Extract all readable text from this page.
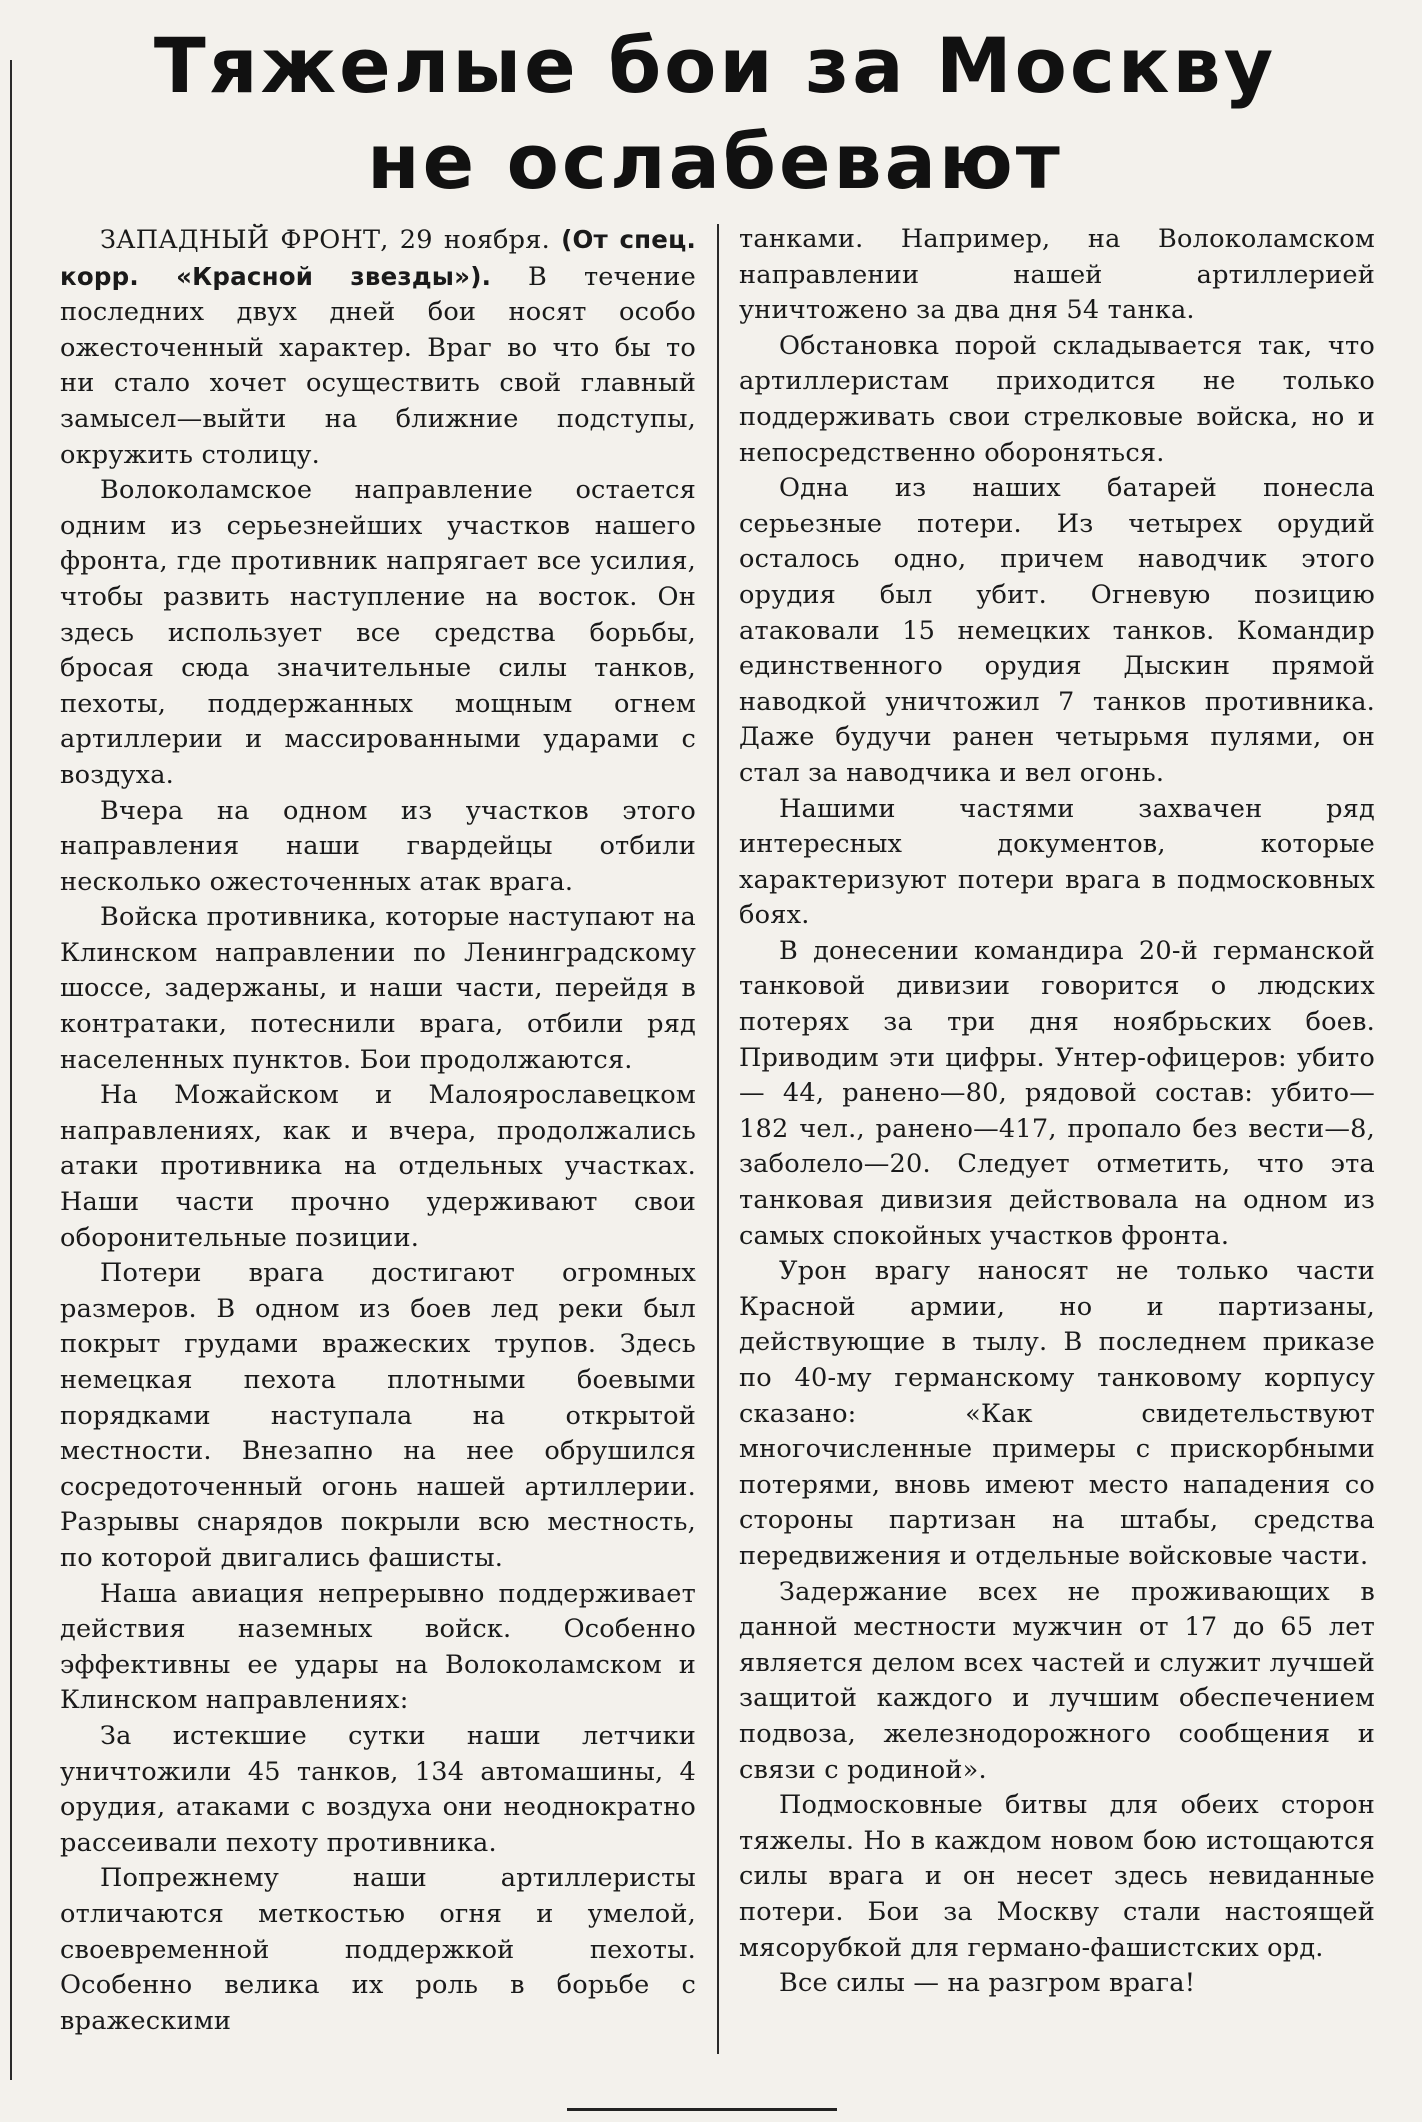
Тяжелые бои за Москву
не ослабевают

ЗАПАДНЫЙ ФРОНТ, 29 ноября. (От спец. корр. «Красной звезды»). В течение последних двух дней бои носят особо ожесточенный характер. Враг во что бы то ни стало хочет осуществить свой главный замысел—выйти на ближние подступы, окружить столицу.

Волоколамское направление остается одним из серьезнейших участков нашего фронта, где противник напрягает все усилия, чтобы развить наступление на восток. Он здесь использует все средства борьбы, бросая сюда значительные силы танков, пехоты, поддержанных мощным огнем артиллерии и массированными ударами с воздуха.

Вчера на одном из участков этого направления наши гвардейцы отбили несколько ожесточенных атак врага.

Войска противника, которые наступают на Клинском направлении по Ленинградскому шоссе, задержаны, и наши части, перейдя в контратаки, потеснили врага, отбили ряд населенных пунктов. Бои продолжаются.

На Можайском и Малоярославецком направлениях, как и вчера, продолжались атаки противника на отдельных участках. Наши части прочно удерживают свои оборонительные позиции.

Потери врага достигают огромных размеров. В одном из боев лед реки был покрыт грудами вражеских трупов. Здесь немецкая пехота плотными боевыми порядками наступала на открытой местности. Внезапно на нее обрушился сосредоточенный огонь нашей артиллерии. Разрывы снарядов покрыли всю местность, по которой двигались фашисты.

Наша авиация непрерывно поддерживает действия наземных войск. Особенно эффективны ее удары на Волоколамском и Клинском направлениях:

За истекшие сутки наши летчики уничтожили 45 танков, 134 автомашины, 4 орудия, атаками с воздуха они неоднократно рассеивали пехоту противника.

Попрежнему наши артиллеристы отличаются меткостью огня и умелой, своевременной поддержкой пехоты. Особенно велика их роль в борьбе с вражескими

танками. Например, на Волоколамском направлении нашей артиллерией уничтожено за два дня 54 танка.

Обстановка порой складывается так, что артиллеристам приходится не только поддерживать свои стрелковые войска, но и непосредственно обороняться.

Одна из наших батарей понесла серьезные потери. Из четырех орудий осталось одно, причем наводчик этого орудия был убит. Огневую позицию атаковали 15 немецких танков. Командир единственного орудия Дыскин прямой наводкой уничтожил 7 танков противника. Даже будучи ранен четырьмя пулями, он стал за наводчика и вел огонь.

Нашими частями захвачен ряд интересных документов, которые характеризуют потери врага в подмосковных боях.

В донесении командира 20-й германской танковой дивизии говорится о людских потерях за три дня ноябрьских боев. Приводим эти цифры. Унтер-офицеров: убито — 44, ранено—80, рядовой состав: убито—182 чел., ранено—417, пропало без вести—8, заболело—20. Следует отметить, что эта танковая дивизия действовала на одном из самых спокойных участков фронта.

Урон врагу наносят не только части Красной армии, но и партизаны, действующие в тылу. В последнем приказе по 40-му германскому танковому корпусу сказано: «Как свидетельствуют многочисленные примеры с прискорбными потерями, вновь имеют место нападения со стороны партизан на штабы, средства передвижения и отдельные войсковые части.

Задержание всех не проживающих в данной местности мужчин от 17 до 65 лет является делом всех частей и служит лучшей защитой каждого и лучшим обеспечением подвоза, железнодорожного сообщения и связи с родиной».

Подмосковные битвы для обеих сторон тяжелы. Но в каждом новом бою истощаются силы врага и он несет здесь невиданные потери. Бои за Москву стали настоящей мясорубкой для германо-фашистских орд.

Все силы — на разгром врага!
